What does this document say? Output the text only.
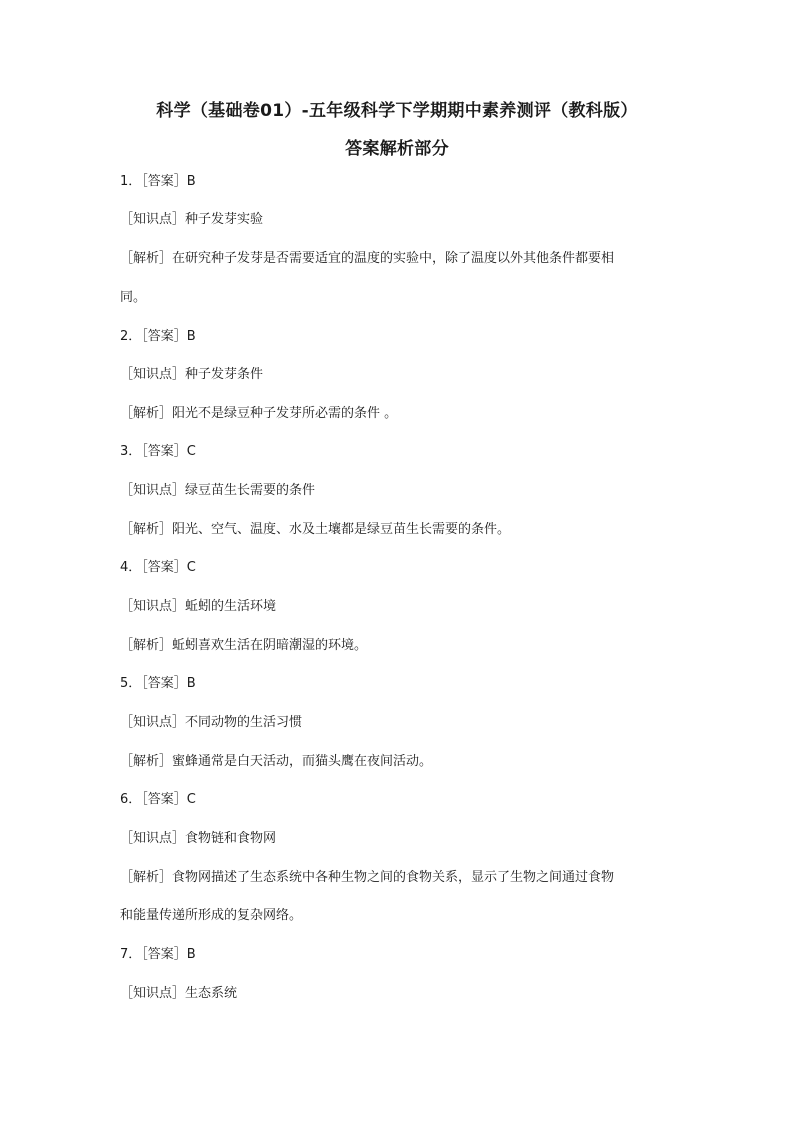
科学（基础卷01）-五年级科学下学期期中素养测评（教科版）
答案解析部分
1．［答案］B
［知识点］种子发芽实验
［解析］在研究种子发芽是否需要适宜的温度的实验中，除了温度以外其他条件都要相
同。
2．［答案］B
［知识点］种子发芽条件
［解析］阳光不是绿豆种子发芽所必需的条件 。
3．［答案］C
［知识点］绿豆苗生长需要的条件
［解析］阳光、空气、温度、水及土壤都是绿豆苗生长需要的条件。
4．［答案］C
［知识点］蚯蚓的生活环境
［解析］蚯蚓喜欢生活在阴暗潮湿的环境。
5．［答案］B
［知识点］不同动物的生活习惯
［解析］蜜蜂通常是白天活动，而猫头鹰在夜间活动。
6．［答案］C
［知识点］食物链和食物网
［解析］食物网描述了生态系统中各种生物之间的食物关系，显示了生物之间通过食物
和能量传递所形成的复杂网络。
7．［答案］B
［知识点］生态系统
